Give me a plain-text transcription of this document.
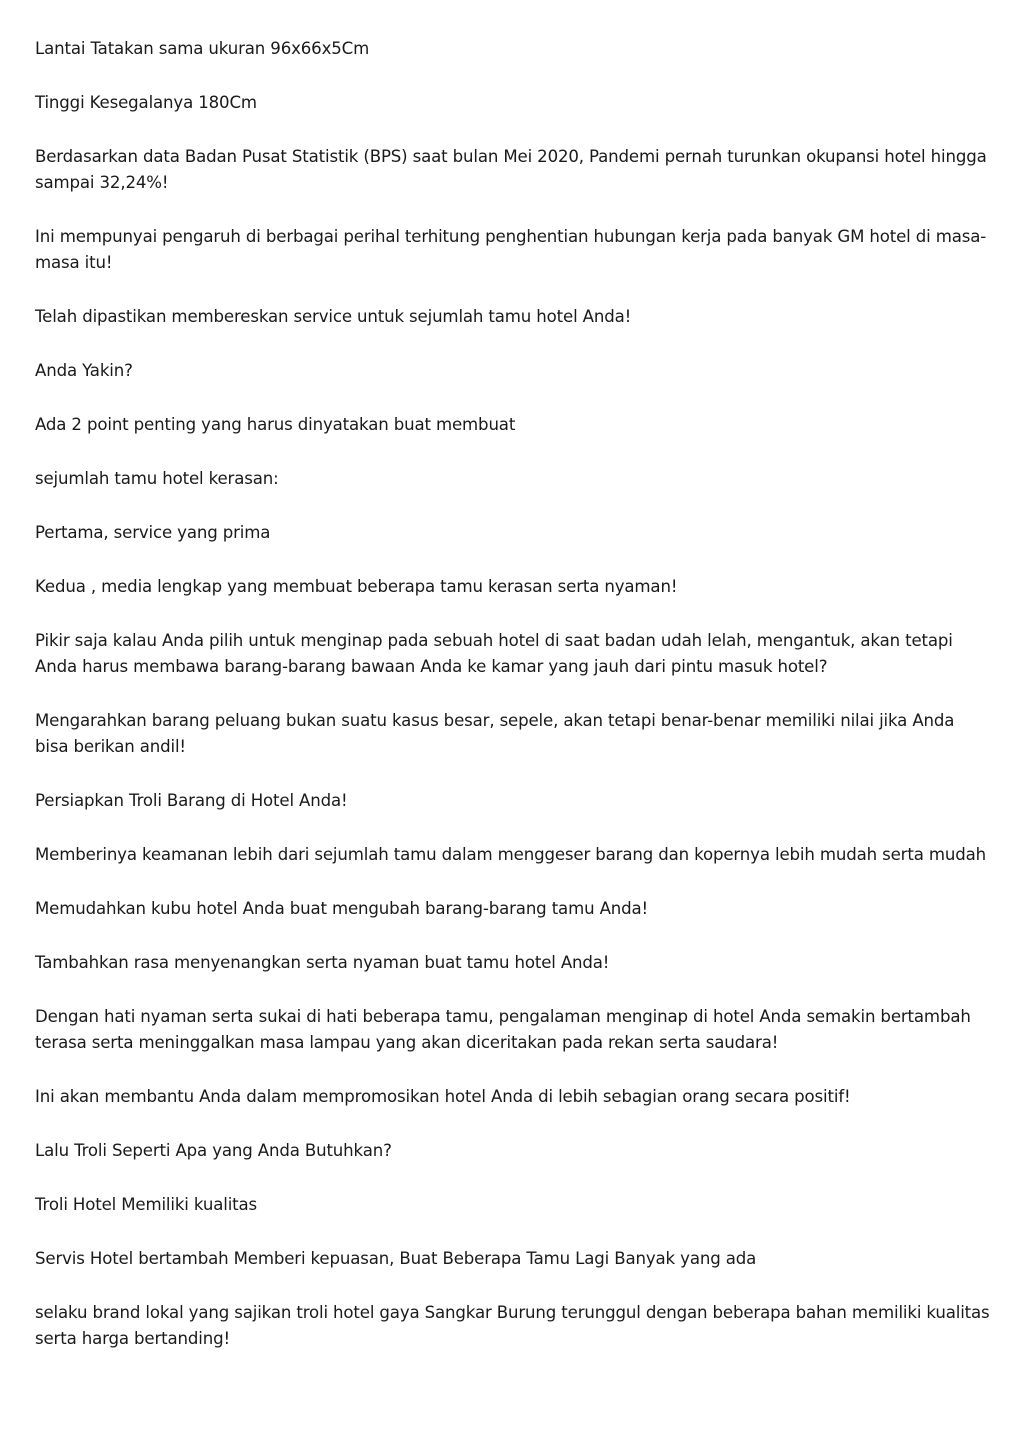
Lantai Tatakan sama ukuran 96x66x5Cm

Tinggi Kesegalanya 180Cm

Berdasarkan data Badan Pusat Statistik (BPS) saat bulan Mei 2020, Pandemi pernah turunkan okupansi hotel hingga sampai 32,24%!

Ini mempunyai pengaruh di berbagai perihal terhitung penghentian hubungan kerja pada banyak GM hotel di masa-masa itu!

Telah dipastikan membereskan service untuk sejumlah tamu hotel Anda!

Anda Yakin?

Ada 2 point penting yang harus dinyatakan buat membuat

sejumlah tamu hotel kerasan:

Pertama, service yang prima

Kedua , media lengkap yang membuat beberapa tamu kerasan serta nyaman!

Pikir saja kalau Anda pilih untuk menginap pada sebuah hotel di saat badan udah lelah, mengantuk, akan tetapi Anda harus membawa barang-barang bawaan Anda ke kamar yang jauh dari pintu masuk hotel?

Mengarahkan barang peluang bukan suatu kasus besar, sepele, akan tetapi benar-benar memiliki nilai jika Anda bisa berikan andil!

Persiapkan Troli Barang di Hotel Anda!

Memberinya keamanan lebih dari sejumlah tamu dalam menggeser barang dan kopernya lebih mudah serta mudah

Memudahkan kubu hotel Anda buat mengubah barang-barang tamu Anda!

Tambahkan rasa menyenangkan serta nyaman buat tamu hotel Anda!

Dengan hati nyaman serta sukai di hati beberapa tamu, pengalaman menginap di hotel Anda semakin bertambah terasa serta meninggalkan masa lampau yang akan diceritakan pada rekan serta saudara!

Ini akan membantu Anda dalam mempromosikan hotel Anda di lebih sebagian orang secara positif!

Lalu Troli Seperti Apa yang Anda Butuhkan?

Troli Hotel Memiliki kualitas

Servis Hotel bertambah Memberi kepuasan, Buat Beberapa Tamu Lagi Banyak yang ada

selaku brand lokal yang sajikan troli hotel gaya Sangkar Burung terunggul dengan beberapa bahan memiliki kualitas serta harga bertanding!
